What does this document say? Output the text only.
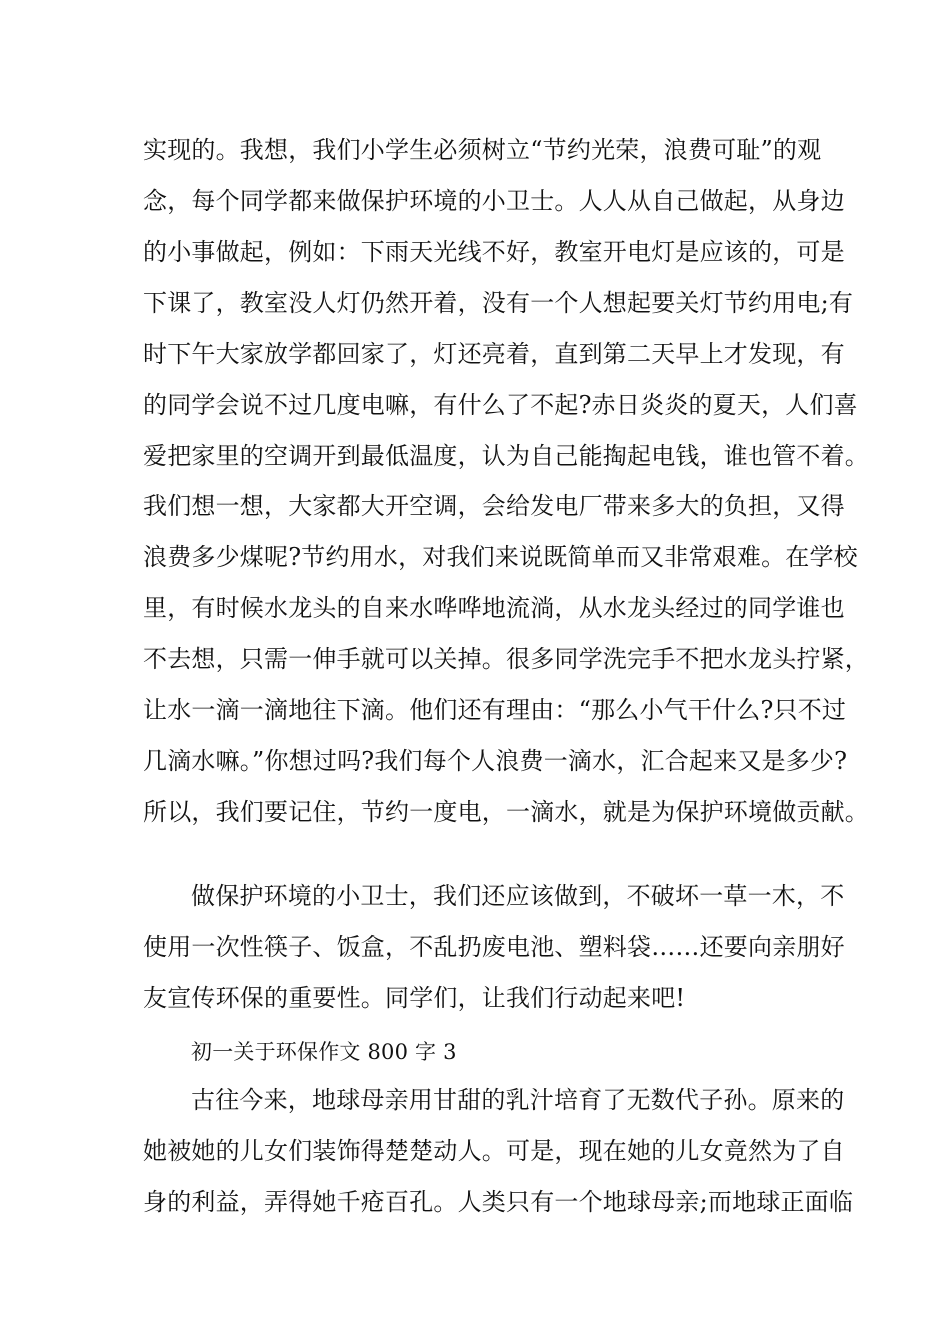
实现的。我想，我们小学生必须树立“节约光荣，浪费可耻”的观
念，每个同学都来做保护环境的小卫士。人人从自己做起，从身边
的小事做起，例如：下雨天光线不好，教室开电灯是应该的，可是
下课了，教室没人灯仍然开着，没有一个人想起要关灯节约用电;有
时下午大家放学都回家了，灯还亮着，直到第二天早上才发现，有
的同学会说不过几度电嘛，有什么了不起?赤日炎炎的夏天，人们喜
爱把家里的空调开到最低温度，认为自己能掏起电钱，谁也管不着。
我们想一想，大家都大开空调，会给发电厂带来多大的负担，又得
浪费多少煤呢?节约用水，对我们来说既简单而又非常艰难。在学校
里，有时候水龙头的自来水哗哗地流淌，从水龙头经过的同学谁也
不去想，只需一伸手就可以关掉。很多同学洗完手不把水龙头拧紧，
让水一滴一滴地往下滴。他们还有理由：“那么小气干什么?只不过
几滴水嘛。”你想过吗?我们每个人浪费一滴水，汇合起来又是多少?
所以，我们要记住，节约一度电，一滴水，就是为保护环境做贡献。
做保护环境的小卫士，我们还应该做到，不破坏一草一木，不
使用一次性筷子、饭盒，不乱扔废电池、塑料袋……还要向亲朋好
友宣传环保的重要性。同学们，让我们行动起来吧!
初一关于环保作文 800 字 3
古往今来，地球母亲用甘甜的乳汁培育了无数代子孙。原来的
她被她的儿女们装饰得楚楚动人。可是，现在她的儿女竟然为了自
身的利益，弄得她千疮百孔。人类只有一个地球母亲;而地球正面临
